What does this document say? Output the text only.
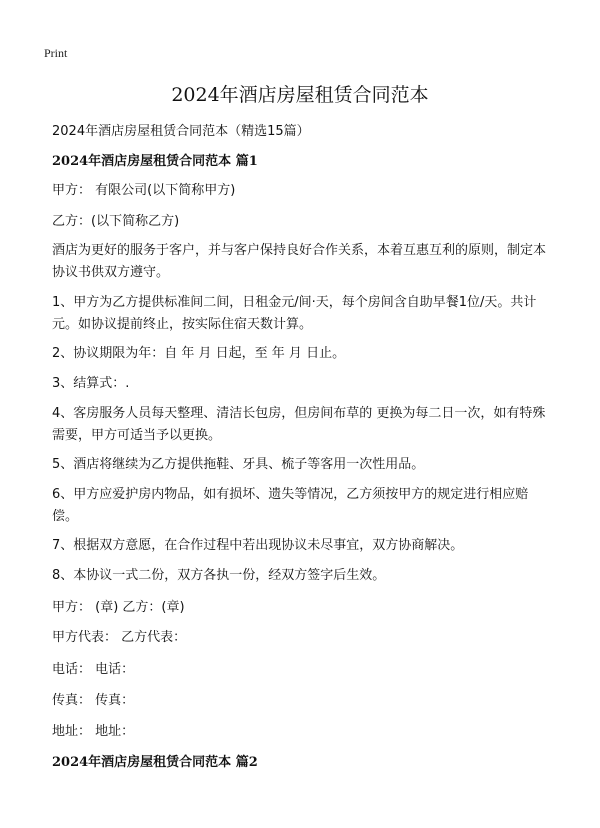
Print
2024年酒店房屋租赁合同范本
2024年酒店房屋租赁合同范本（精选15篇）
2024年酒店房屋租赁合同范本 篇1
甲方： 有限公司(以下简称甲方)
乙方：(以下简称乙方)
酒店为更好的服务于客户，并与客户保持良好合作关系，本着互惠互利的原则，制定本协议书供双方遵守。
1、甲方为乙方提供标准间二间，日租金元/间·天，每个房间含自助早餐1位/天。共计元。如协议提前终止，按实际住宿天数计算。
2、协议期限为年：自 年 月 日起，至 年 月 日止。
3、结算式：.
4、客房服务人员每天整理、清洁长包房，但房间布草的 更换为每二日一次，如有特殊需要，甲方可适当予以更换。
5、酒店将继续为乙方提供拖鞋、牙具、梳子等客用一次性用品。
6、甲方应爱护房内物品，如有损坏、遗失等情况，乙方须按甲方的规定进行相应赔偿。
7、根据双方意愿，在合作过程中若出现协议未尽事宜，双方协商解决。
8、本协议一式二份，双方各执一份，经双方签字后生效。
甲方： (章) 乙方：(章)
甲方代表： 乙方代表：
电话： 电话：
传真： 传真：
地址： 地址：
2024年酒店房屋租赁合同范本 篇2
